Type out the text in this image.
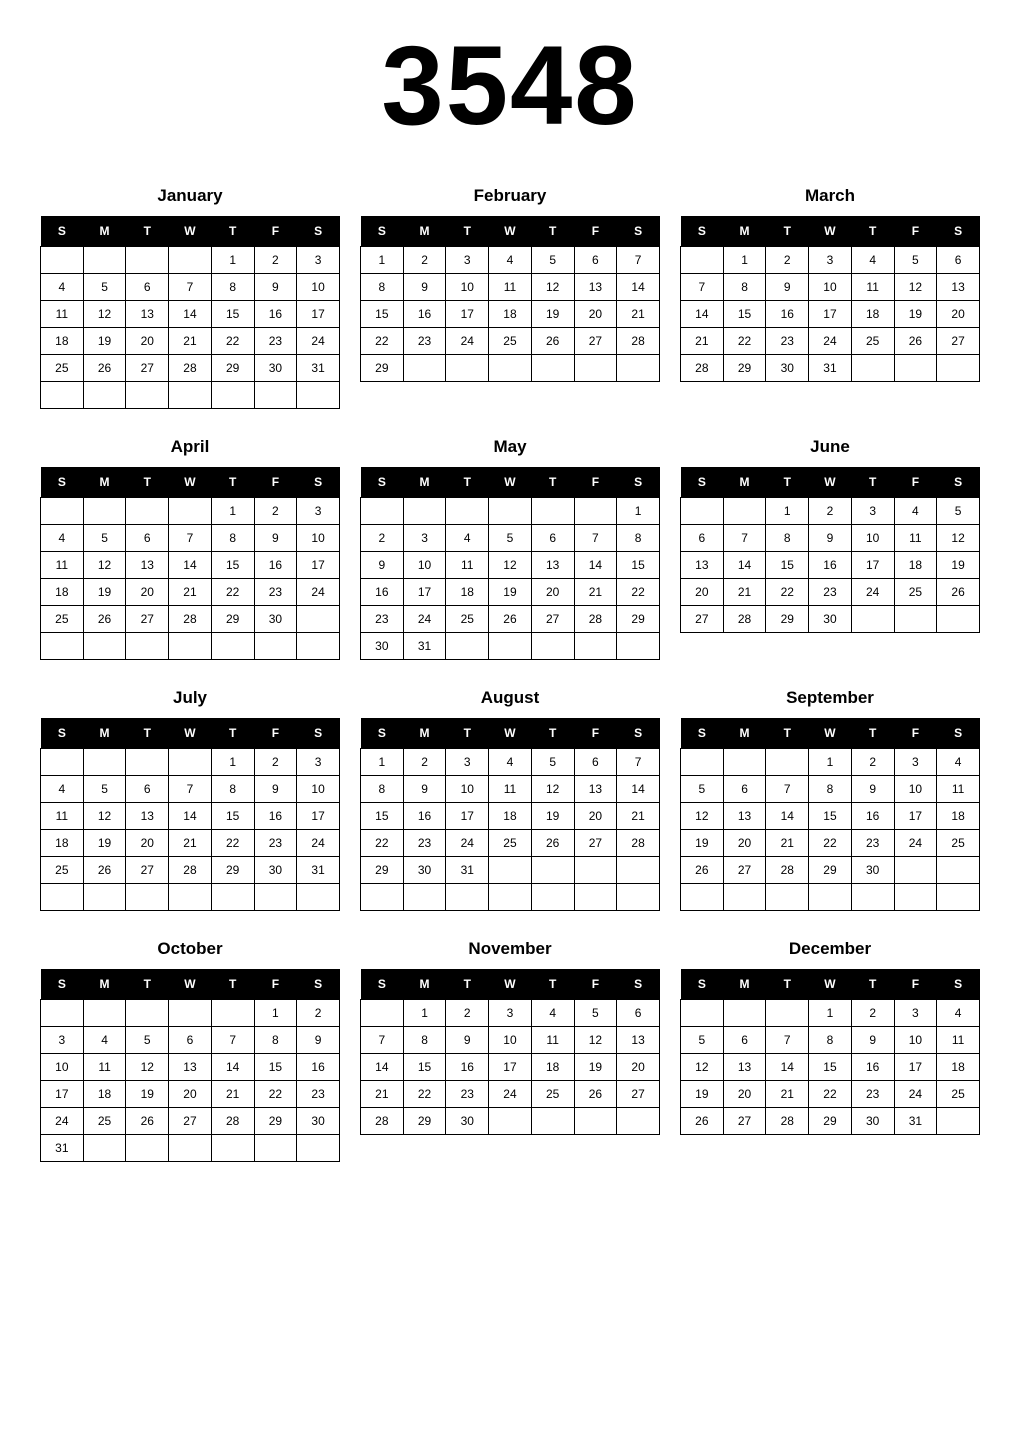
3548
January
S	M	T	W	T	F	S
				1	2	3
4	5	6	7	8	9	10
11	12	13	14	15	16	17
18	19	20	21	22	23	24
25	26	27	28	29	30	31

February
S	M	T	W	T	F	S
1	2	3	4	5	6	7
8	9	10	11	12	13	14
15	16	17	18	19	20	21
22	23	24	25	26	27	28
29						
March
S	M	T	W	T	F	S
	1	2	3	4	5	6
7	8	9	10	11	12	13
14	15	16	17	18	19	20
21	22	23	24	25	26	27
28	29	30	31			
April
S	M	T	W	T	F	S
				1	2	3
4	5	6	7	8	9	10
11	12	13	14	15	16	17
18	19	20	21	22	23	24
25	26	27	28	29	30	

May
S	M	T	W	T	F	S
						1
2	3	4	5	6	7	8
9	10	11	12	13	14	15
16	17	18	19	20	21	22
23	24	25	26	27	28	29
30	31					
June
S	M	T	W	T	F	S
		1	2	3	4	5
6	7	8	9	10	11	12
13	14	15	16	17	18	19
20	21	22	23	24	25	26
27	28	29	30			
July
S	M	T	W	T	F	S
				1	2	3
4	5	6	7	8	9	10
11	12	13	14	15	16	17
18	19	20	21	22	23	24
25	26	27	28	29	30	31

August
S	M	T	W	T	F	S
1	2	3	4	5	6	7
8	9	10	11	12	13	14
15	16	17	18	19	20	21
22	23	24	25	26	27	28
29	30	31				

September
S	M	T	W	T	F	S
			1	2	3	4
5	6	7	8	9	10	11
12	13	14	15	16	17	18
19	20	21	22	23	24	25
26	27	28	29	30		

October
S	M	T	W	T	F	S
					1	2
3	4	5	6	7	8	9
10	11	12	13	14	15	16
17	18	19	20	21	22	23
24	25	26	27	28	29	30
31						
November
S	M	T	W	T	F	S
	1	2	3	4	5	6
7	8	9	10	11	12	13
14	15	16	17	18	19	20
21	22	23	24	25	26	27
28	29	30				
December
S	M	T	W	T	F	S
			1	2	3	4
5	6	7	8	9	10	11
12	13	14	15	16	17	18
19	20	21	22	23	24	25
26	27	28	29	30	31	
